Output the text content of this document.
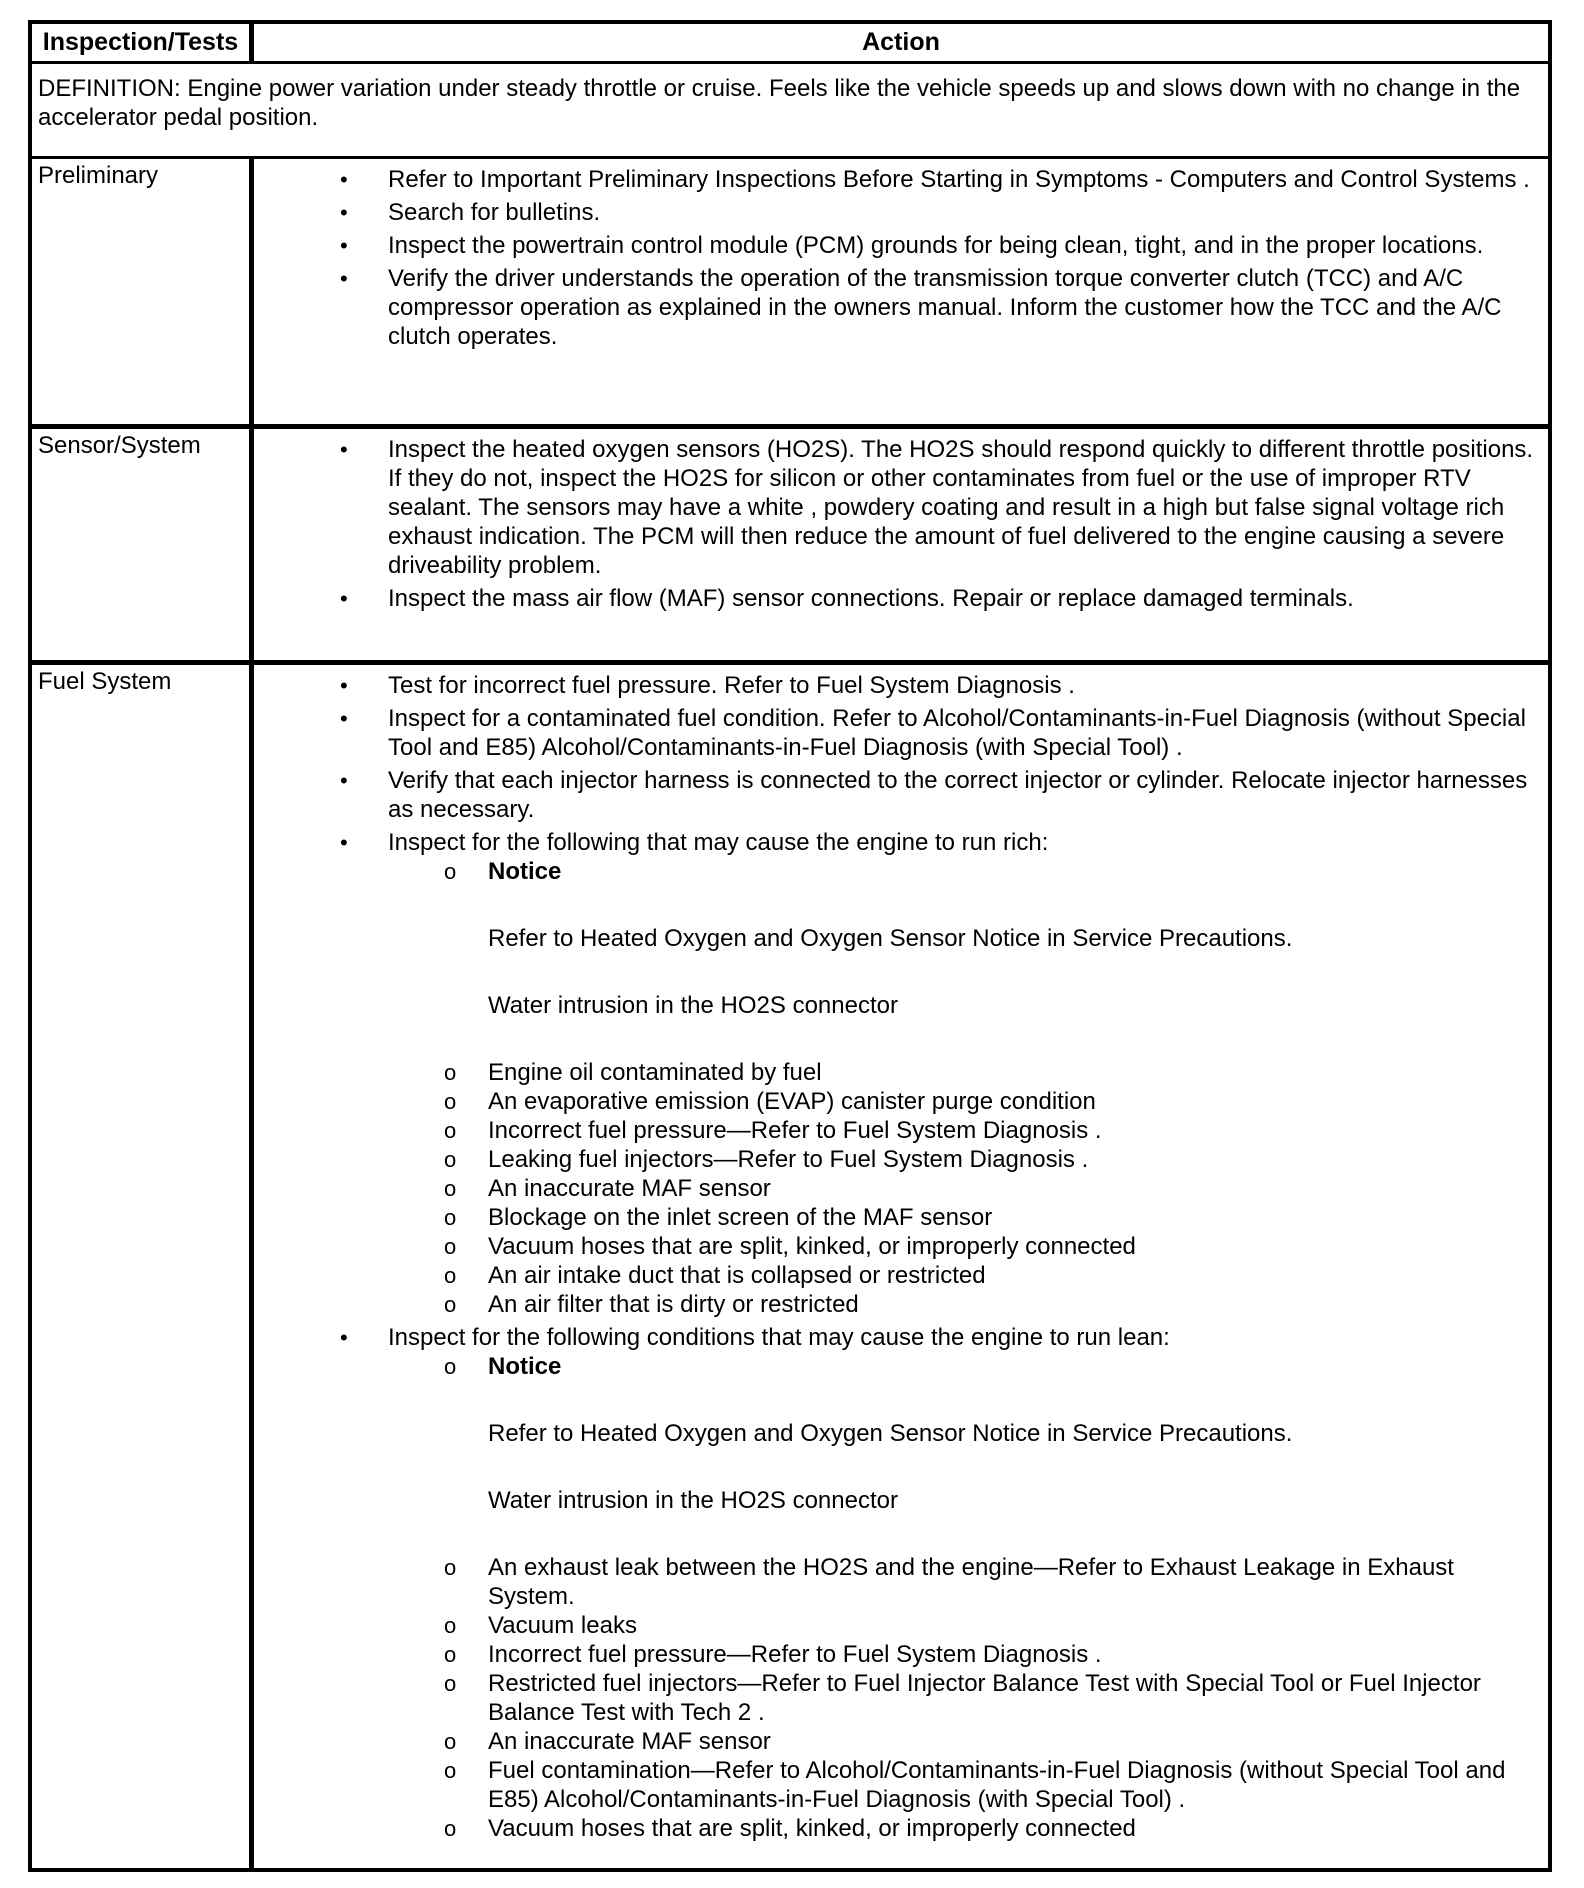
Inspection/Tests	Action
DEFINITION: Engine power variation under steady throttle or cruise. Feels like the vehicle speeds up and slows down with no change in the accelerator pedal position.
Preliminary	• Refer to Important Preliminary Inspections Before Starting in Symptoms - Computers and Control Systems .
• Search for bulletins.
• Inspect the powertrain control module (PCM) grounds for being clean, tight, and in the proper locations.
• Verify the driver understands the operation of the transmission torque converter clutch (TCC) and A/C compressor operation as explained in the owners manual. Inform the customer how the TCC and the A/C clutch operates.
Sensor/System	• Inspect the heated oxygen sensors (HO2S). The HO2S should respond quickly to different throttle positions. If they do not, inspect the HO2S for silicon or other contaminates from fuel or the use of improper RTV sealant. The sensors may have a white , powdery coating and result in a high but false signal voltage rich exhaust indication. The PCM will then reduce the amount of fuel delivered to the engine causing a severe driveability problem.
• Inspect the mass air flow (MAF) sensor connections. Repair or replace damaged terminals.
Fuel System	• Test for incorrect fuel pressure. Refer to Fuel System Diagnosis .
• Inspect for a contaminated fuel condition. Refer to Alcohol/Contaminants-in-Fuel Diagnosis (without Special Tool and E85) Alcohol/Contaminants-in-Fuel Diagnosis (with Special Tool) .
• Verify that each injector harness is connected to the correct injector or cylinder. Relocate injector harnesses as necessary.
• Inspect for the following that may cause the engine to run rich:
o Notice
Refer to Heated Oxygen and Oxygen Sensor Notice in Service Precautions.
Water intrusion in the HO2S connector
o Engine oil contaminated by fuel
o An evaporative emission (EVAP) canister purge condition
o Incorrect fuel pressure—Refer to Fuel System Diagnosis .
o Leaking fuel injectors—Refer to Fuel System Diagnosis .
o An inaccurate MAF sensor
o Blockage on the inlet screen of the MAF sensor
o Vacuum hoses that are split, kinked, or improperly connected
o An air intake duct that is collapsed or restricted
o An air filter that is dirty or restricted
• Inspect for the following conditions that may cause the engine to run lean:
o Notice
Refer to Heated Oxygen and Oxygen Sensor Notice in Service Precautions.
Water intrusion in the HO2S connector
o An exhaust leak between the HO2S and the engine—Refer to Exhaust Leakage in Exhaust System.
o Vacuum leaks
o Incorrect fuel pressure—Refer to Fuel System Diagnosis .
o Restricted fuel injectors—Refer to Fuel Injector Balance Test with Special Tool or Fuel Injector Balance Test with Tech 2 .
o An inaccurate MAF sensor
o Fuel contamination—Refer to Alcohol/Contaminants-in-Fuel Diagnosis (without Special Tool and E85) Alcohol/Contaminants-in-Fuel Diagnosis (with Special Tool) .
o Vacuum hoses that are split, kinked, or improperly connected
